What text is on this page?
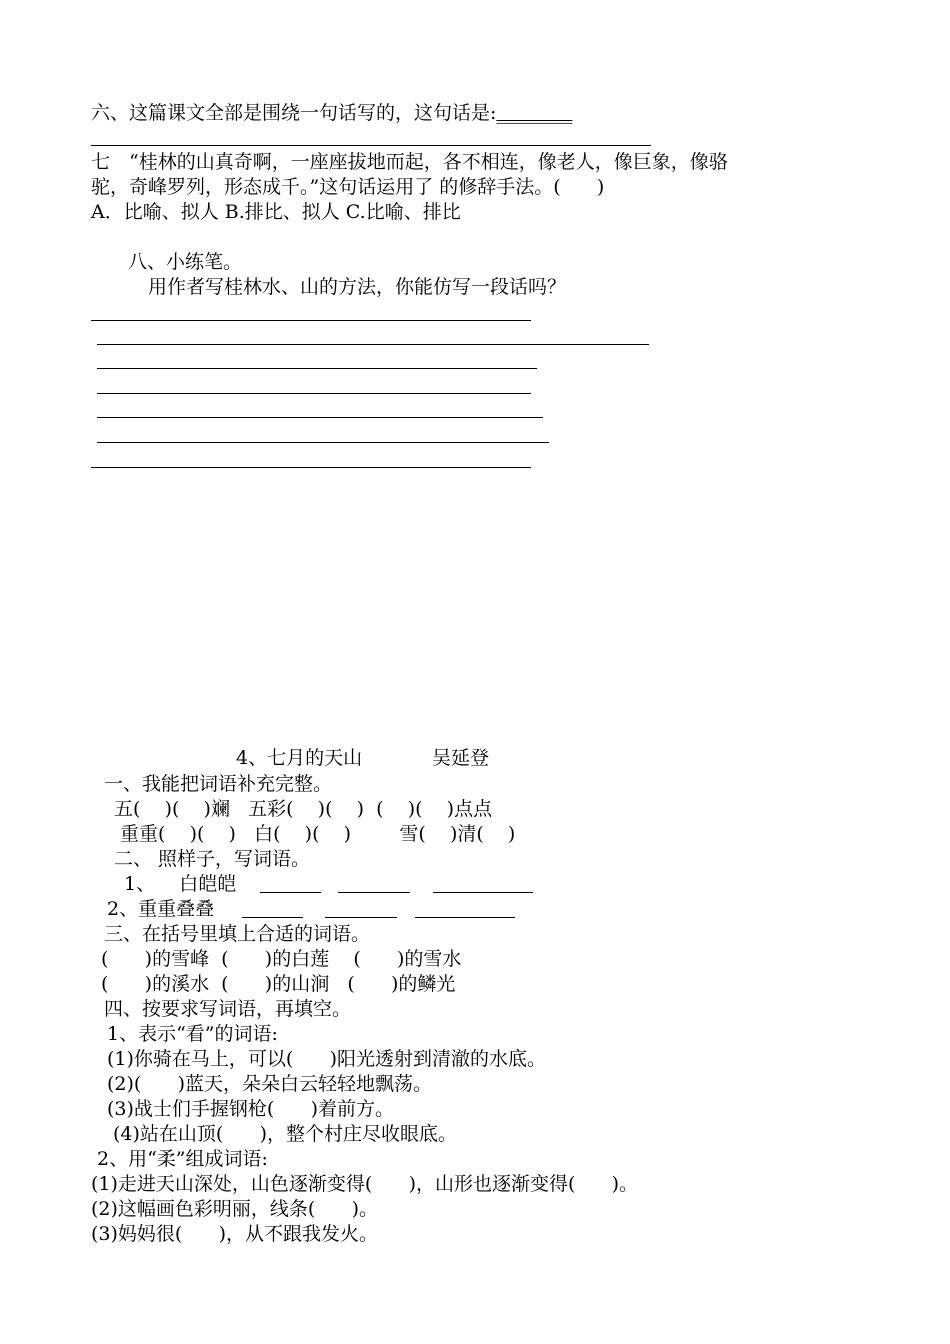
六、这篇课文全部是围绕一句话写的，这句话是:________
七　“桂林的山真奇啊，一座座拔地而起，各不相连，像老人，像巨象，像骆
驼，奇峰罗列，形态成千。”这句话运用了 的修辞手法。(      )
A．比喻、拟人 B.排比、拟人 C.比喻、排比
八、小练笔。
用作者写桂林水、山的方法，你能仿写一段话吗？
4、七月的天山	吴延登
一、我能把词语补充完整。
五(    )(    )斓   五彩(    )(    )  (    )(    )点点
重重(    )(    )   白(    )(    )        雪(    )清(    )
二、 照样子，写词语。
1、    白皑皑
2、重重叠叠
三、在括号里填上合适的词语。
(      )的雪峰  (      )的白莲    (      )的雪水
(      )的溪水  (      )的山涧   (      )的鳞光
四、按要求写词语，再填空。
1、表示“看”的词语:
(1)你骑在马上，可以(      )阳光透射到清澈的水底。
(2)(      )蓝天，朵朵白云轻轻地飘荡。
(3)战士们手握钢枪(      )着前方。
(4)站在山顶(      )，整个村庄尽收眼底。
2、用“柔”组成词语:
(1)走进天山深处，山色逐渐变得(      )，山形也逐渐变得(      )。
(2)这幅画色彩明丽，线条(      )。
(3)妈妈很(      )，从不跟我发火。
